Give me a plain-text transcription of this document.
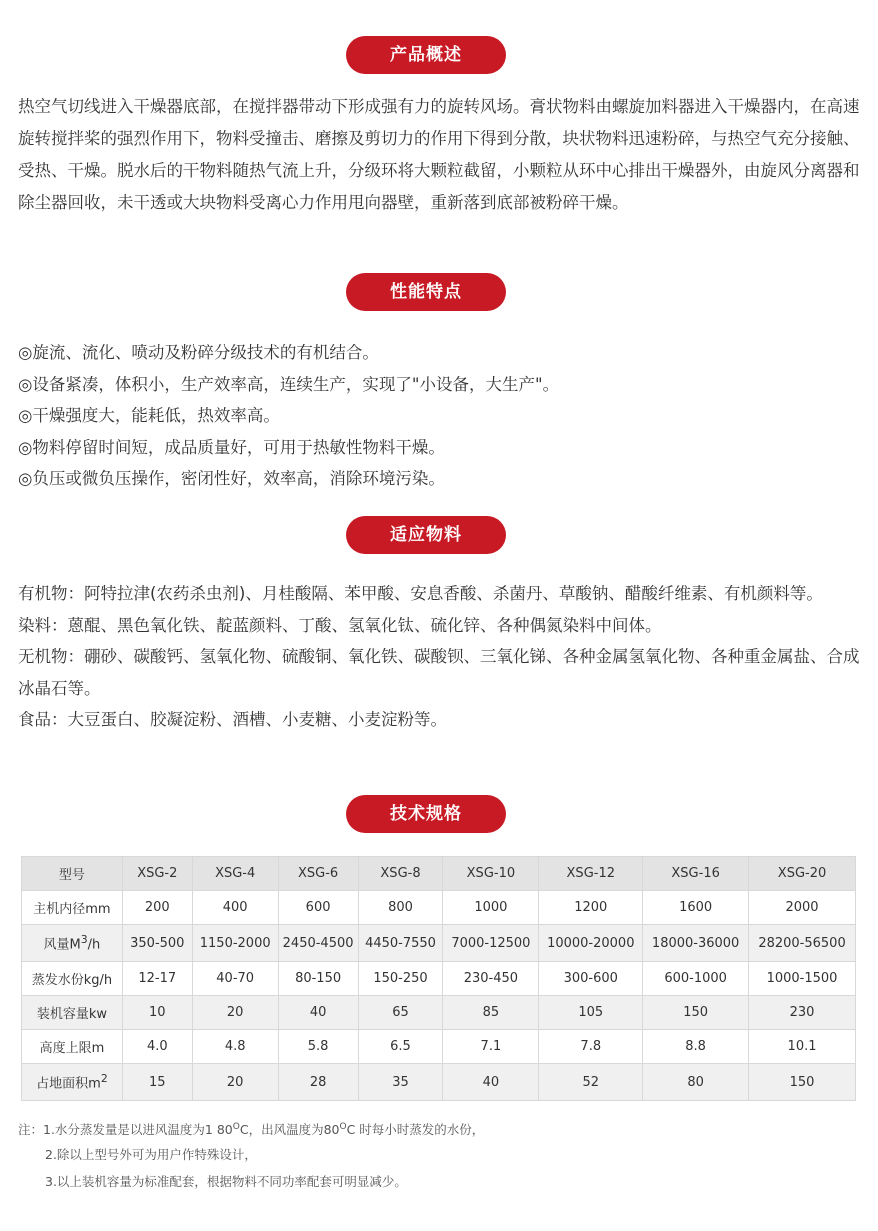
产品概述

热空气切线进入干燥器底部，在搅拌器带动下形成强有力的旋转风场。膏状物料由螺旋加料器进入干燥器内，在高速旋转搅拌桨的强烈作用下，物料受撞击、磨擦及剪切力的作用下得到分散，块状物料迅速粉碎，与热空气充分接触、受热、干燥。脱水后的干物料随热气流上升，分级环将大颗粒截留，小颗粒从环中心排出干燥器外，由旋风分离器和除尘器回收，未干透或大块物料受离心力作用甩向器壁，重新落到底部被粉碎干燥。

性能特点

◎旋流、流化、喷动及粉碎分级技术的有机结合。

◎设备紧凑，体积小，生产效率高，连续生产，实现了"小设备，大生产"。

◎干燥强度大，能耗低，热效率高。

◎物料停留时间短，成品质量好，可用于热敏性物料干燥。

◎负压或微负压操作，密闭性好，效率高，消除环境污染。

适应物料

有机物：阿特拉津(农药杀虫剂)、月桂酸隔、苯甲酸、安息香酸、杀菌丹、草酸钠、醋酸纤维素、有机颜料等。

染料：蒽醌、黑色氧化铁、靛蓝颜料、丁酸、氢氧化钛、硫化锌、各种偶氮染料中间体。

无机物：硼砂、碳酸钙、氢氧化物、硫酸铜、氧化铁、碳酸钡、三氧化锑、各种金属氢氧化物、各种重金属盐、合成冰晶石等。

食品：大豆蛋白、胶凝淀粉、酒槽、小麦糖、小麦淀粉等。

技术规格
型号	XSG-2	XSG-4	XSG-6	XSG-8	XSG-10	XSG-12	XSG-16	XSG-20
主机内径mm	200	400	600	800	1000	1200	1600	2000
风量$M^3/h$	350-500	1150-2000	2450-4500	4450-7550	7000-12500	10000-20000	18000-36000	28200-56500
蒸发水份kg/h	12-17	40-70	80-150	150-250	230-450	300-600	600-1000	1000-1500
装机容量kw	10	20	40	65	85	105	150	230
高度上限m	4.0	4.8	5.8	6.5	7.1	7.8	8.8	10.1
占地面积$m^2$	15	20	28	35	40	52	80	150
注：1.水分蒸发量是以进风温度为1 $80^OC$，出风温度为$80^OC$ 时每小时蒸发的水份，
2.除以上型号外可为用户作特殊设计，
3.以上装机容量为标准配套，根据物料不同功率配套可明显减少。
